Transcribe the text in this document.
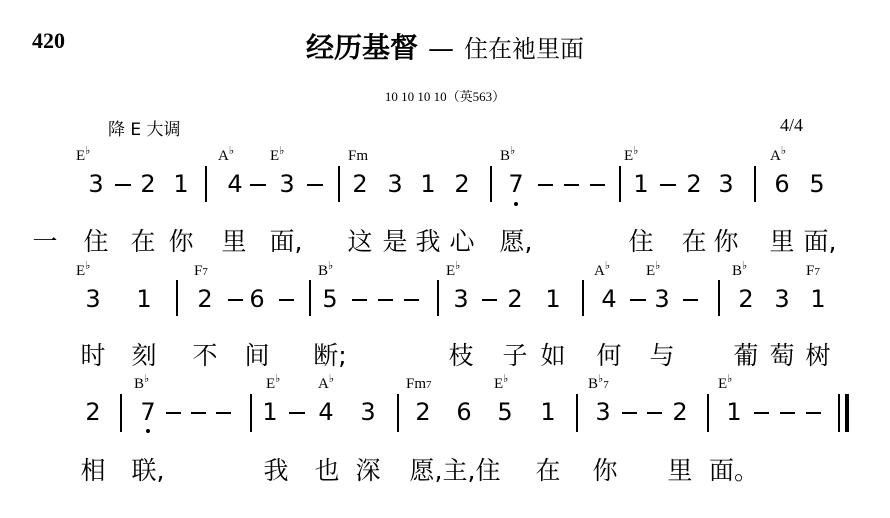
420	经历基督 — 住在祂里面
10 10 10 10（英563）
降 E 大调	4/4
E♭	A♭ E♭	Fm	B♭	E♭	A♭
3 2 1 4 3 2 3 1 2 7	1 2 3 6 5
一 住 在 你 里 面, 这 是 我 心 愿,	住 在 你 里 面,
E♭	F7	B♭	E♭	A♭ E♭	B♭	F7
3 1 2 6 5	3 2 1 4 3	2 3 1
时 刻 不 间 断;	枝 子 如 何 与 葡 萄 树
B♭	E♭	A♭	Fm7	E♭	B♭7	E♭
2 7	1 4 3 2 6 5 1 3	2 1
相 联,	我 也 深 愿,主,住 在 你 里 面。
